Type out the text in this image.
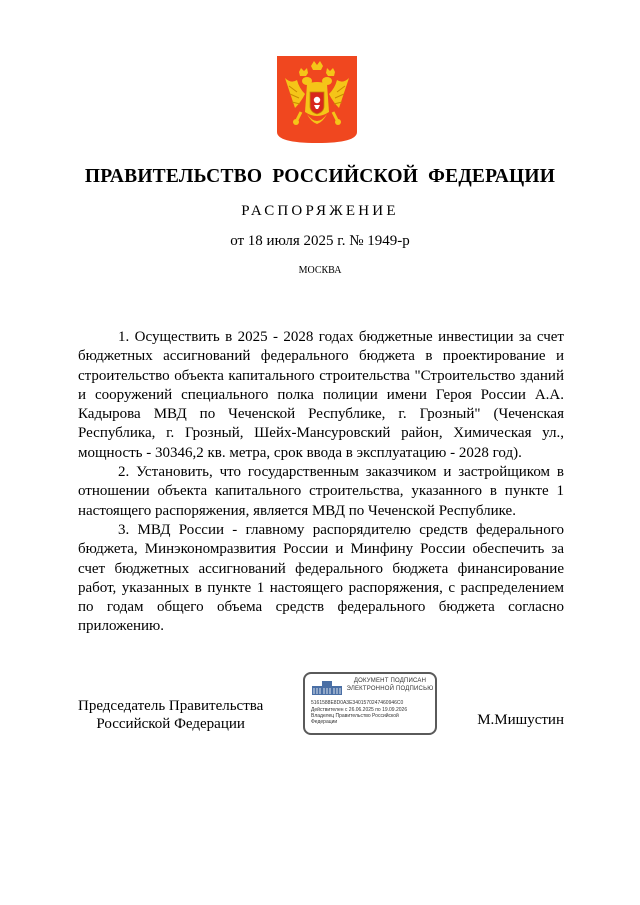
ПРАВИТЕЛЬСТВО РОССИЙСКОЙ ФЕДЕРАЦИИ
РАСПОРЯЖЕНИЕ
от 18 июля 2025 г. № 1949-р
МОСКВА

1. Осуществить в 2025 - 2028 годах бюджетные инвестиции за счет бюджетных ассигнований федерального бюджета в проектирование и строительство объекта капитального строительства "Строительство зданий и сооружений специального полка полиции имени Героя России А.А. Кадырова МВД по Чеченской Республике, г. Грозный" (Чеченская Республика, г. Грозный, Шейх-Мансуровский район, Химическая ул., мощность - 30346,2 кв. метра, срок ввода в эксплуатацию - 2028 год).

2. Установить, что государственным заказчиком и застройщиком в отношении объекта капитального строительства, указанного в пункте 1 настоящего распоряжения, является МВД по Чеченской Республике.

3. МВД России - главному распорядителю средств федерального бюджета, Минэкономразвития России и Минфину России обеспечить за счет бюджетных ассигнований федерального бюджета финансирование работ, указанных в пункте 1 настоящего распоряжения, с распределением по годам общего объема средств федерального бюджета согласно приложению.

Председатель Правительства
Российской Федерации
ДОКУМЕНТ ПОДПИСАН
ЭЛЕКТРОННОЙ ПОДПИСЬЮ
5161588E8D0A3E3401570247460946C0
Действителен с 26.06.2025 по 19.09.2026
Владелец Правительство Российской
Федерации	М.Мишустин
